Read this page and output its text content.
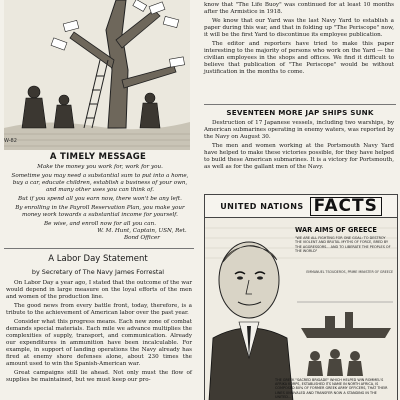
W-82
A TIMELY MESSAGE

Make the money you work for, work for you.

Sometime you may need a substantial sum to put into a home, buy a car, educate children, establish a business of your own, and many other uses you can think of.

But if you spend all you earn now, there won't be any left.

By enrolling in the Payroll Reservation Plan, you make your money work towards a substantial income for yourself.

Be wise, and enroll now for all you can.

W. M. Hunt, Captain, USN, Ret.
Bond Officer
A Labor Day Statement
by Secretary of The Navy James Forrestal

On Labor Day a year ago, I stated that the outcome of the war would depend in large measure on the loyal efforts of the men and women of the production line.

The good news from every battle front, today, therefore, is a tribute to the achievement of American labor over the past year.

Consider what this progress means. Each new zone of combat demands special materials. Each mile we advance multiplies the complexities of supply, transport, and communication. Already our expenditures in ammunition have been incalculable. For example, in support of landing operations the Navy already has fired at enemy shore defenses alone, about 230 times the amount used to win the Spanish-American war.

Great campaigns still lie ahead. Not only must the flow of supplies be maintained, but we must keep our pro-

know that "The Life Buoy" was continued for at least 10 months after the Armistice in 1918.

We know that our Yard was the last Navy Yard to establish a paper during this war, and that in folding up "The Periscope" now, it will be the first Yard to discontinue its employee publication.

The editor and reporters have tried to make this paper interesting to the majority of persons who work on the Yard — the civilian employees in the shops and offices. We find it difficult to believe that publication of "The Periscope" would be without justification in the months to come.

SEVENTEEN MORE JAP SHIPS SUNK

Destruction of 17 Japanese vessels, including two warships, by American submarines operating in enemy waters, was reported by the Navy on August 30.

The men and women working at the Portsmouth Navy Yard have helped to make these victories possible, for they have helped to build these American submarines. It is a victory for Portsmouth, as well as for the gallant men of the Navy.

UNITED NATIONS FACTS
WAR AIMS OF GREECE
"WE ARE ALL FIGHTING FOR ONE GOAL: TO DESTROY THE VIOLENT AND BRUTAL MYTHS OF FORCE, BRED BY THE AGGRESSORS... AND TO LIBERATE THE PEOPLES OF THE WORLD"
EMMANUEL TSOUDEROS, PRIME MINISTER OF GREECE
THE GREEK "SACRED BRIGADE" WHICH HELPED WIN ROMMEL'S AFRIKA KORPS, ESTABLISHED ITS NAME IN NORTH AFRICA, IS COMPOSED 80% OF FORMER GREEK ARMY OFFICERS, THAT THEIR LINES UNRIVALED AND TRANSFER NOW A STANDING IN THE UNITED...
